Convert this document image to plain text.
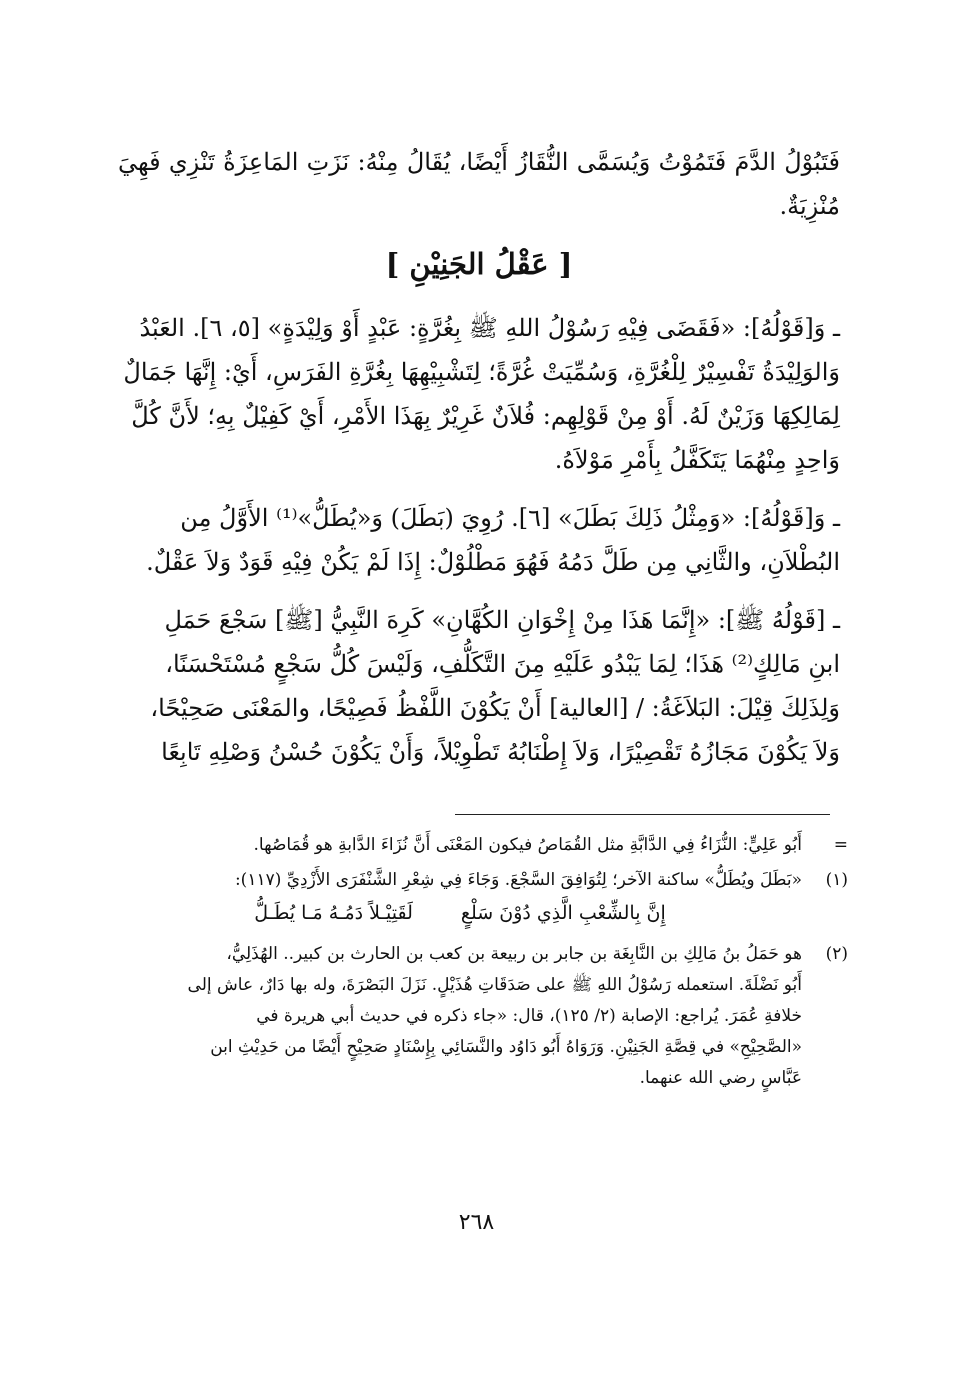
فَتَبُوْلُ الدَّمَ فَتَمُوْتُ وَيُسَمَّى النُّقَازُ أَيْضًا، يُقَالُ مِنْهُ: نَزَتِ المَاعِزَةُ تَنْزِي فَهِيَ مُنْزِيَةٌ.

[ عَقْلُ الجَنِيْنِ ]

ـ وَ[قَوْلُهُ]: «فَقَضَى فِيْهِ رَسُوْلُ اللهِ ﷺ بِغُرَّةٍ: عَبْدٍ أَوْ وَلِيْدَةٍ» [٥، ٦]. العَبْدُ

وَالوَلِيْدَةُ تَفْسِيْرٌ لِلْغُرَّةِ، وَسُمِّيَتْ غُرَّةً؛ لِتَشْبِيْهِهَا بِغُرَّةِ الفَرَسِ، أَيْ: إِنَّهَا جَمَالٌ

لِمَالِكِهَا وَزَيْنٌ لَهُ. أَوْ مِنْ قَوْلِهِم: فُلاَنٌ غَرِيْرٌ بِهَذَا الأَمْرِ، أَيْ كَفِيْلٌ بِهِ؛ لأَنَّ كُلَّ

وَاحِدٍ مِنْهُمَا يَتَكَفَّلُ بِأَمْرِ مَوْلاَهُ.

ـ وَ[قَوْلُهُ]: «وَمِثْلُ ذَلِكَ بَطَلَ» [٦]. رُوِيَ (بَطَلَ) وَ«يُطَلُّ»⁽¹⁾ الأَوَّلُ مِن

البُطْلاَنِ، والثَّانِي مِن طَلَّ دَمُهُ فَهُوَ مَطْلُوْلٌ: إِذَا لَمْ يَكُنْ فِيْهِ قَوَدٌ وَلاَ عَقْلٌ.

ـ [قَوْلُهُ ﷺ]: «إِنَّمَا هَذَا مِنْ إِخْوَانِ الكُهَّانِ» كَرِهَ النَّبِيُّ [ﷺ] سَجْعَ حَمَلِ

ابنِ مَالِكٍ⁽²⁾ هَذَا؛ لِمَا يَبْدُو عَلَيْهِ مِنَ التَّكَلُّفِ، وَلَيْسَ كُلُّ سَجْعٍ مُسْتَحْسَنًا،

وَلِذَلِكَ قِيْلَ: البَلاَغَةُ: / [العالية] أَنْ يَكُوْنَ اللَّفْظُ فَصِيْحًا، والمَعْنَى صَحِيْحًا،

وَلاَ يَكُوْنَ مَجَازُهُ تَقْصِيْرًا، وَلاَ إِطْنَابُهُ تَطْوِيْلاً، وَأَنْ يَكُوْنَ حُسْنُ وَصْلِهِ تَابِعًا

=
أَبُو عَلِيٍّ: النُّزَاءُ فِي الدَّابَّةِ مثل القُمَاصُ فيكون المَعْنَى أَنَّ نُزَاءَ الدَّابةِ هو قُمَاصُها.
(١)
«بَطَلَ ويُطَلُّ» ساكنة الآخر؛ لِتُوَافِقَ السَّجْعَ. وَجَاءَ فِي شِعْرِ الشَّنْفَرَى الأَزْدِيِّ (١١٧):
إِنَّ بِالشِّعْبِ الَّذِي دُوْنَ سَلْعٍ
لَقَتِيْـلاً دَمُـهُ مَـا يُطَـلُّ
(٢)
هو حَمَلُ بنُ مَالِكِ بن النَّابِغَة بن جابر بن ربيعة بن كعب بن الحارث بن كبير.. الهُذَلِيُّ،
أَبُو نَضْلَةَ. استعمله رَسُوْلُ اللهِ ﷺ على صَدَقَاتِ هُذَيْلٍ. نَزَلَ البَصْرَةَ، وله بها دَارٌ، عاش إلى
خلافةِ عُمَرَ. يُراجع: الإصابة (٢/ ١٢٥)، قال: «جاء ذكره في حديث أبي هريرة في
«الصَّحِيْحِ» في قِصَّةِ الجَنِيْنِ. وَرَوَاهُ أَبُو دَاوُد والنَّسَائِي بِإِسْنَادٍ صَحِيْحٍ أَيْضًا من حَدِيْثِ ابن
عَبَّاسٍ رضي الله عنهما.
٢٦٨
